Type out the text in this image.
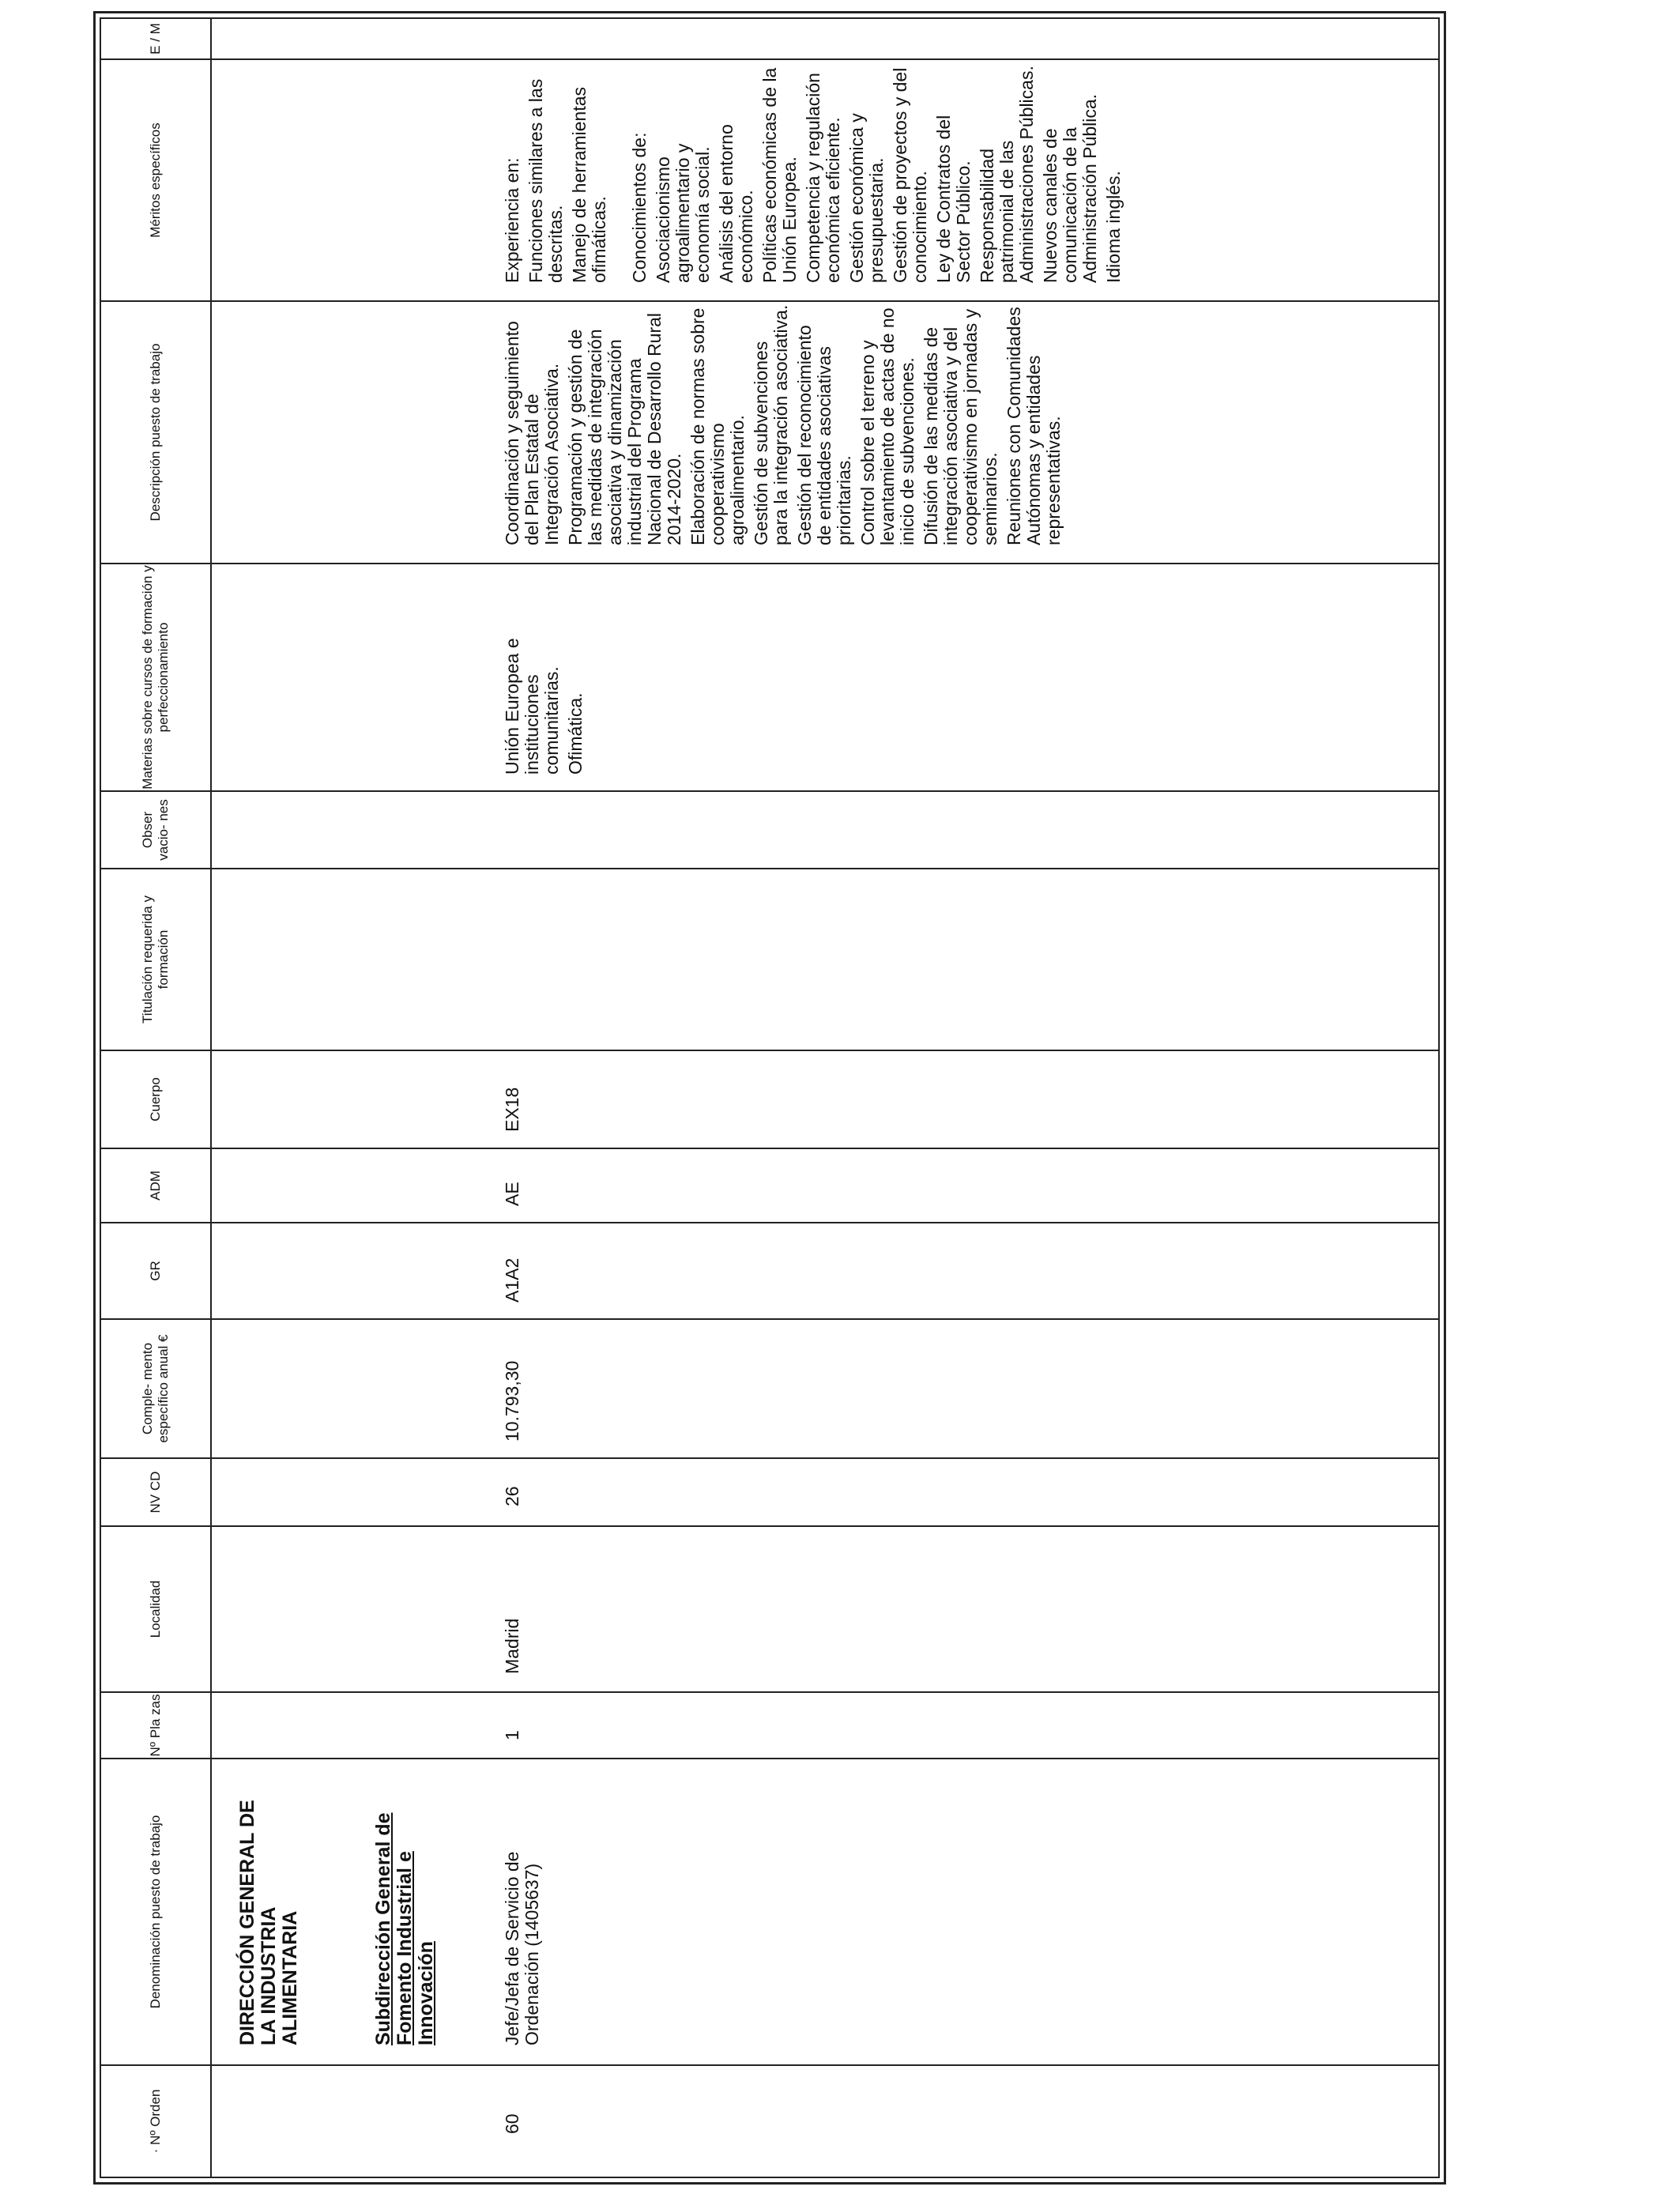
· Nº Orden
Denominación puesto de trabajo
Nº Pla zas
Localidad
NV CD
Comple- mento específico anual €
GR
ADM
Cuerpo
Titulación requerida y formación
Obser vacio- nes
Materias sobre cursos de formación y perfeccionamiento
Descripción puesto de trabajo
Méritos específicos
E / M
DIRECCIÓN GENERAL DE LA INDUSTRIA ALIMENTARIA	Subdirección General de Fomento Industrial e Innovación
60
Jefe/Jefa de Servicio de Ordenación (1405637)
1
Madrid
26
10.793,30
A1A2
AE
EX18
Unión Europea e instituciones comunitarias. Ofimática.
Coordinación y seguimiento del Plan Estatal de Integración Asociativa. Programación y gestión de las medidas de integración asociativa y dinamización industrial del Programa Nacional de Desarrollo Rural 2014-2020. Elaboración de normas sobre cooperativismo agroalimentario. Gestión de subvenciones para la integración asociativa. Gestión del reconocimiento de entidades asociativas prioritarias. Control sobre el terreno y levantamiento de actas de no inicio de subvenciones. Difusión de las medidas de integración asociativa y del cooperativismo en jornadas y seminarios. Reuniones con Comunidades Autónomas y entidades representativas.
Experiencia en: Funciones similares a las descritas. Manejo de herramientas ofimáticas. Conocimientos de: Asociacionismo agroalimentario y economía social. Análisis del entorno económico. Políticas económicas de la Unión Europea. Competencia y regulación económica eficiente. Gestión económica y presupuestaria. Gestión de proyectos y del conocimiento. Ley de Contratos del Sector Público. Responsabilidad patrimonial de las Administraciones Públicas. Nuevos canales de comunicación de la Administración Pública. Idioma inglés.
